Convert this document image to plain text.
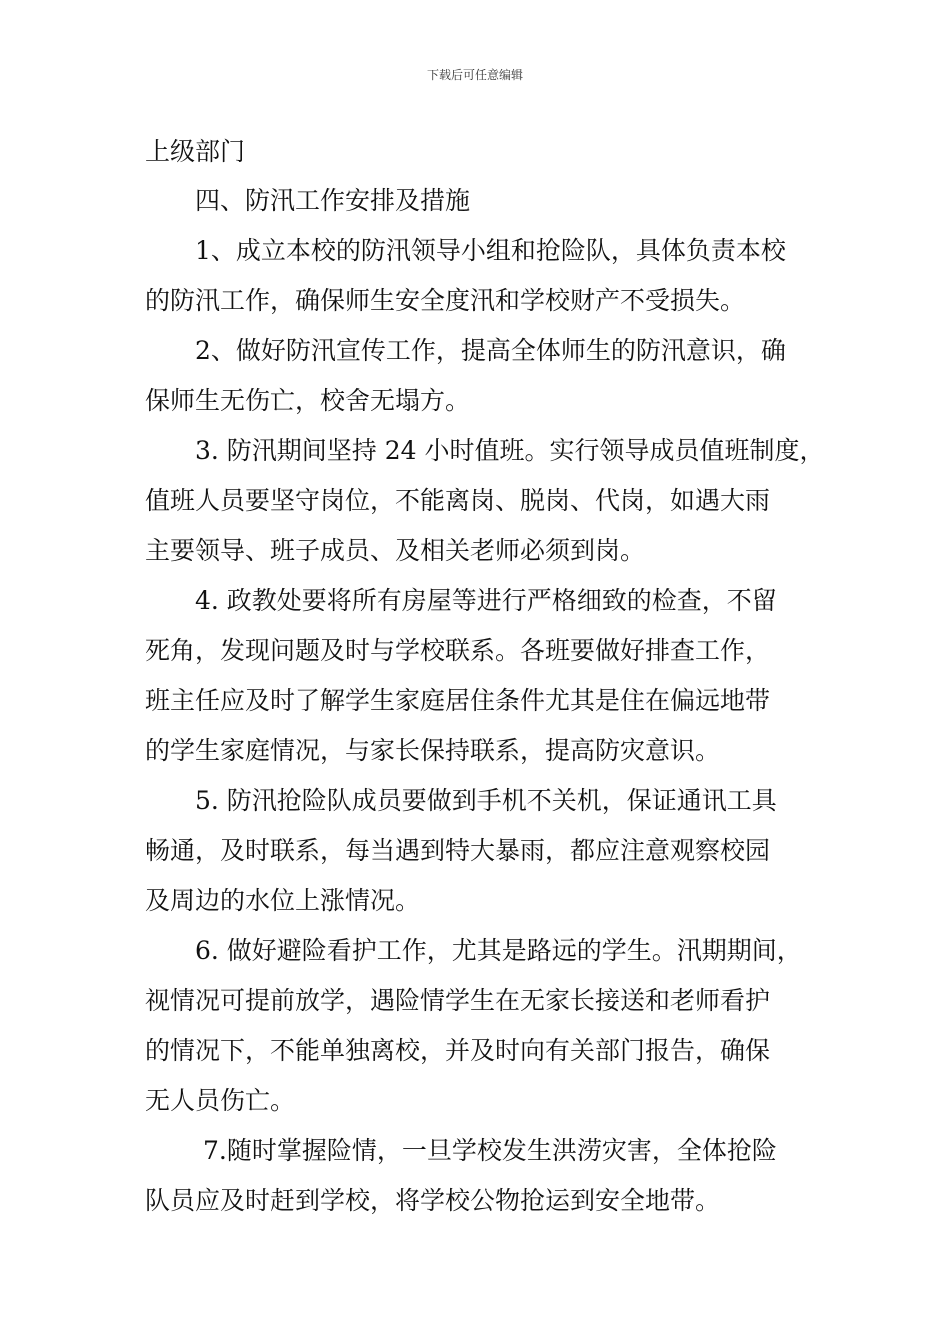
下载后可任意编辑
上级部门
四、防汛工作安排及措施
1、成立本校的防汛领导小组和抢险队，具体负责本校
的防汛工作，确保师生安全度汛和学校财产不受损失。
2、做好防汛宣传工作，提高全体师生的防汛意识，确
保师生无伤亡，校舍无塌方。
3. 防汛期间坚持 24 小时值班。实行领导成员值班制度，
值班人员要坚守岗位，不能离岗、脱岗、代岗，如遇大雨
主要领导、班子成员、及相关老师必须到岗。
4. 政教处要将所有房屋等进行严格细致的检查，不留
死角，发现问题及时与学校联系。各班要做好排查工作，
班主任应及时了解学生家庭居住条件尤其是住在偏远地带
的学生家庭情况，与家长保持联系，提高防灾意识。
5. 防汛抢险队成员要做到手机不关机，保证通讯工具
畅通，及时联系，每当遇到特大暴雨，都应注意观察校园
及周边的水位上涨情况。
6. 做好避险看护工作，尤其是路远的学生。汛期期间，
视情况可提前放学，遇险情学生在无家长接送和老师看护
的情况下，不能单独离校，并及时向有关部门报告，确保
无人员伤亡。
7.随时掌握险情，一旦学校发生洪涝灾害，全体抢险
队员应及时赶到学校，将学校公物抢运到安全地带。
